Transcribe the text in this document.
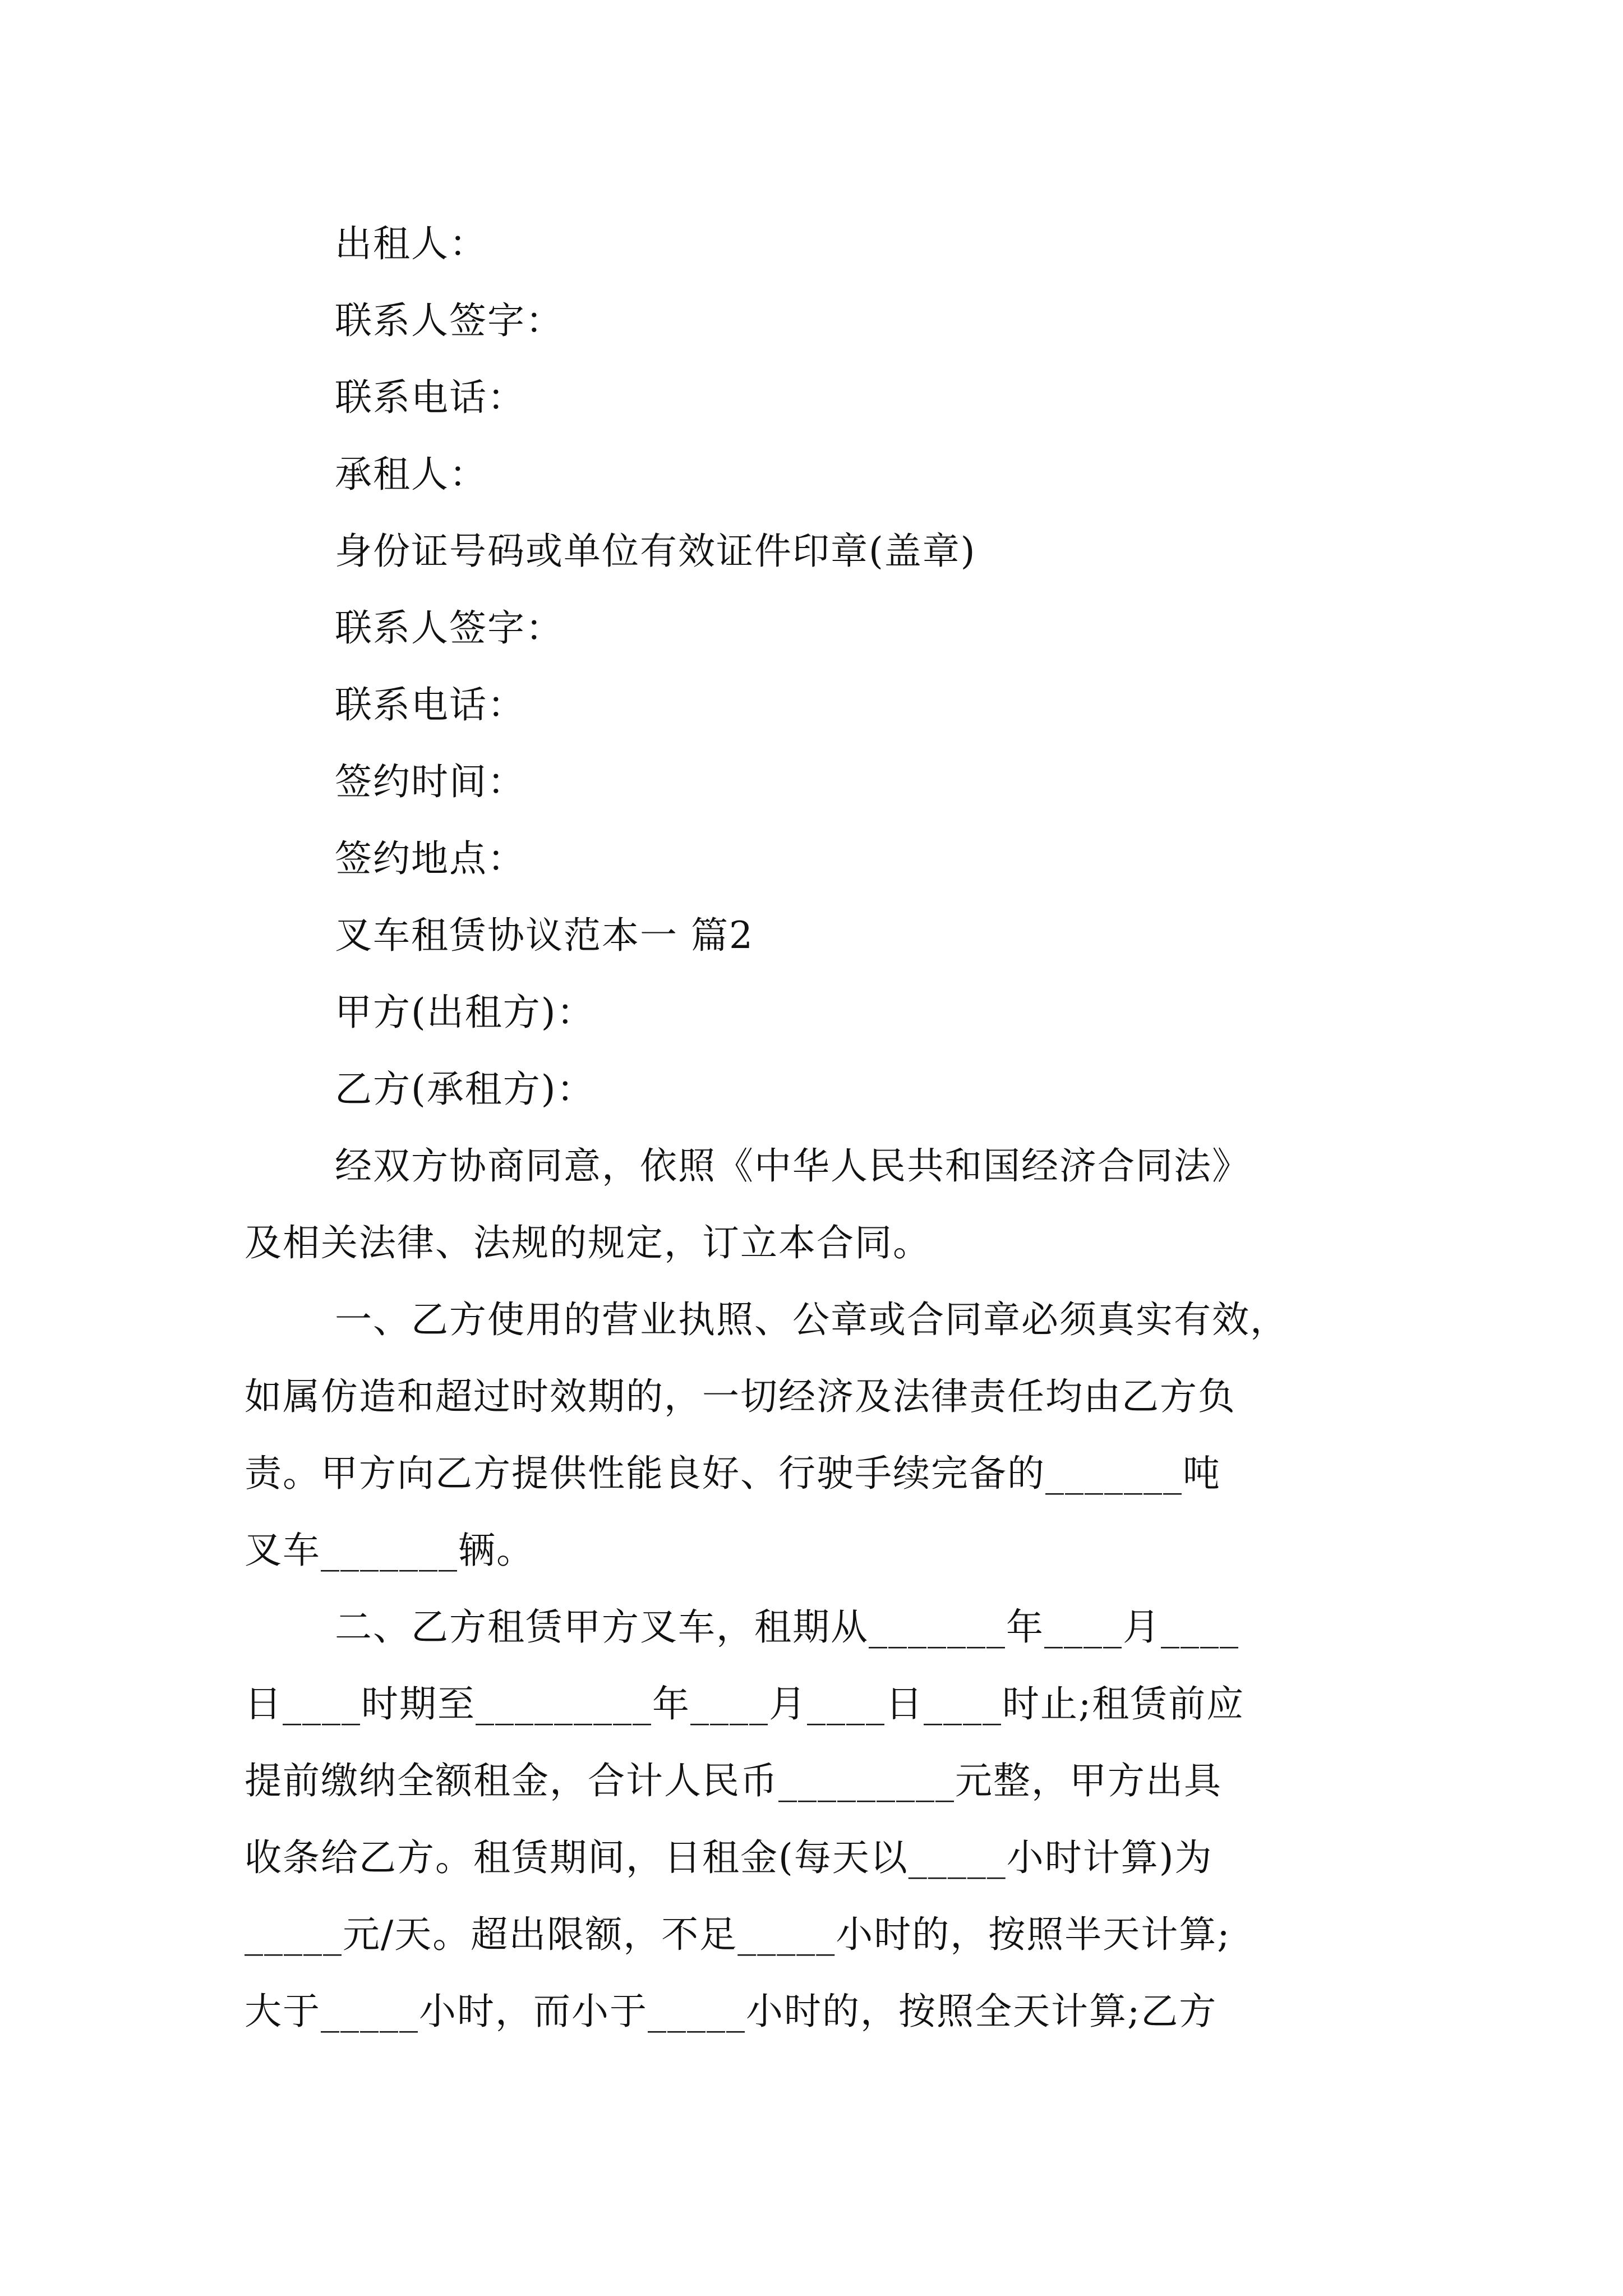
出租人：
联系人签字：
联系电话：
承租人：
身份证号码或单位有效证件印章(盖章)
联系人签字：
联系电话：
签约时间：
签约地点：
叉车租赁协议范本一 篇2
甲方(出租方)：
乙方(承租方)：
经双方协商同意，依照《中华人民共和国经济合同法》
及相关法律、法规的规定，订立本合同。
一、乙方使用的营业执照、公章或合同章必须真实有效，
如属仿造和超过时效期的，一切经济及法律责任均由乙方负
责。甲方向乙方提供性能良好、行驶手续完备的_______吨
叉车_______辆。
二、乙方租赁甲方叉车，租期从_______年____月____
日____时期至_________年____月____日____时止;租赁前应
提前缴纳全额租金，合计人民币_________元整，甲方出具
收条给乙方。租赁期间，日租金(每天以_____小时计算)为
_____元/天。超出限额，不足_____小时的，按照半天计算;
大于_____小时，而小于_____小时的，按照全天计算;乙方
